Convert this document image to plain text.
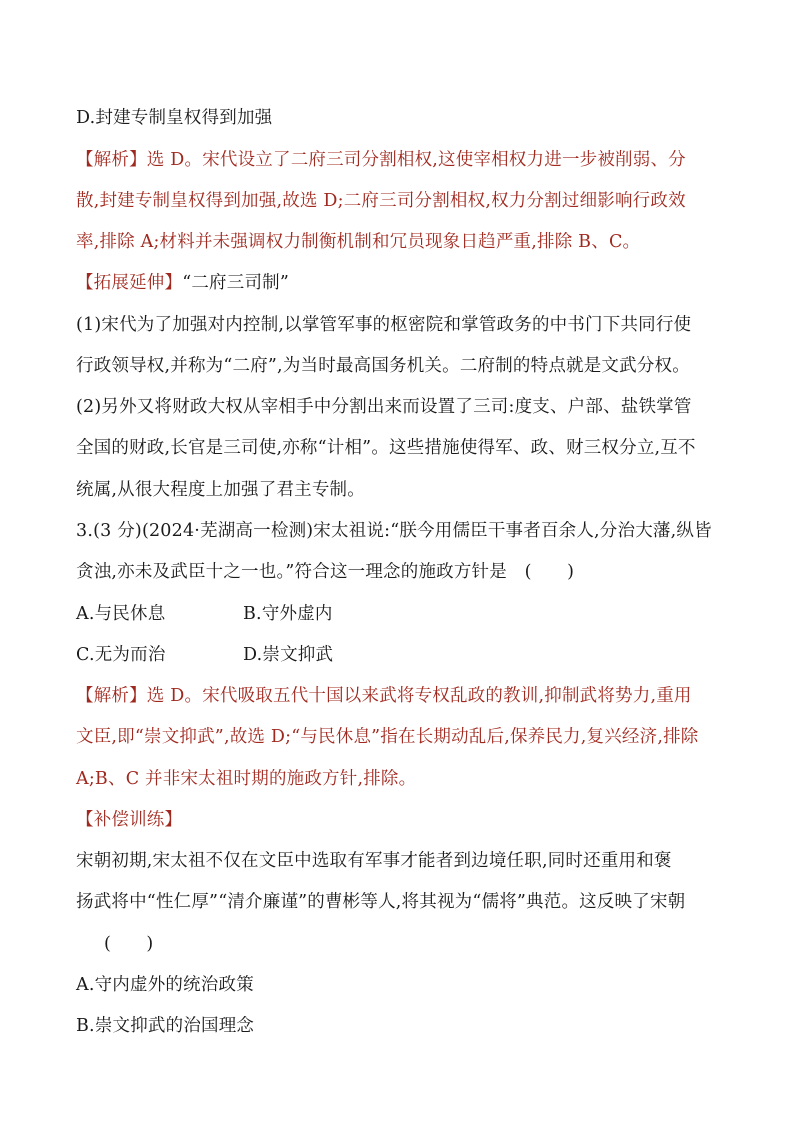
D.封建专制皇权得到加强
【解析】选 D。宋代设立了二府三司分割相权,这使宰相权力进一步被削弱、分
散,封建专制皇权得到加强,故选 D;二府三司分割相权,权力分割过细影响行政效
率,排除 A;材料并未强调权力制衡机制和冗员现象日趋严重,排除 B、C。
【拓展延伸】“二府三司制”
(1)宋代为了加强对内控制,以掌管军事的枢密院和掌管政务的中书门下共同行使
行政领导权,并称为“二府”,为当时最高国务机关。二府制的特点就是文武分权。
(2)另外又将财政大权从宰相手中分割出来而设置了三司:度支、户部、盐铁掌管
全国的财政,长官是三司使,亦称“计相”。这些措施使得军、政、财三权分立,互不
统属,从很大程度上加强了君主专制。
3.(3 分)(2024·芜湖高一检测)宋太祖说:“朕今用儒臣干事者百余人,分治大藩,纵皆
贪浊,亦未及武臣十之一也。”符合这一理念的施政方针是　(　　)
A.与民休息	B.守外虚内
C.无为而治	D.崇文抑武
【解析】选 D。宋代吸取五代十国以来武将专权乱政的教训,抑制武将势力,重用
文臣,即“崇文抑武”,故选 D;“与民休息”指在长期动乱后,保养民力,复兴经济,排除
A;B、C 并非宋太祖时期的施政方针,排除。
【补偿训练】
宋朝初期,宋太祖不仅在文臣中选取有军事才能者到边境任职,同时还重用和褒
扬武将中“性仁厚”“清介廉谨”的曹彬等人,将其视为“儒将”典范。这反映了宋朝
(　　)
A.守内虚外的统治政策
B.崇文抑武的治国理念
